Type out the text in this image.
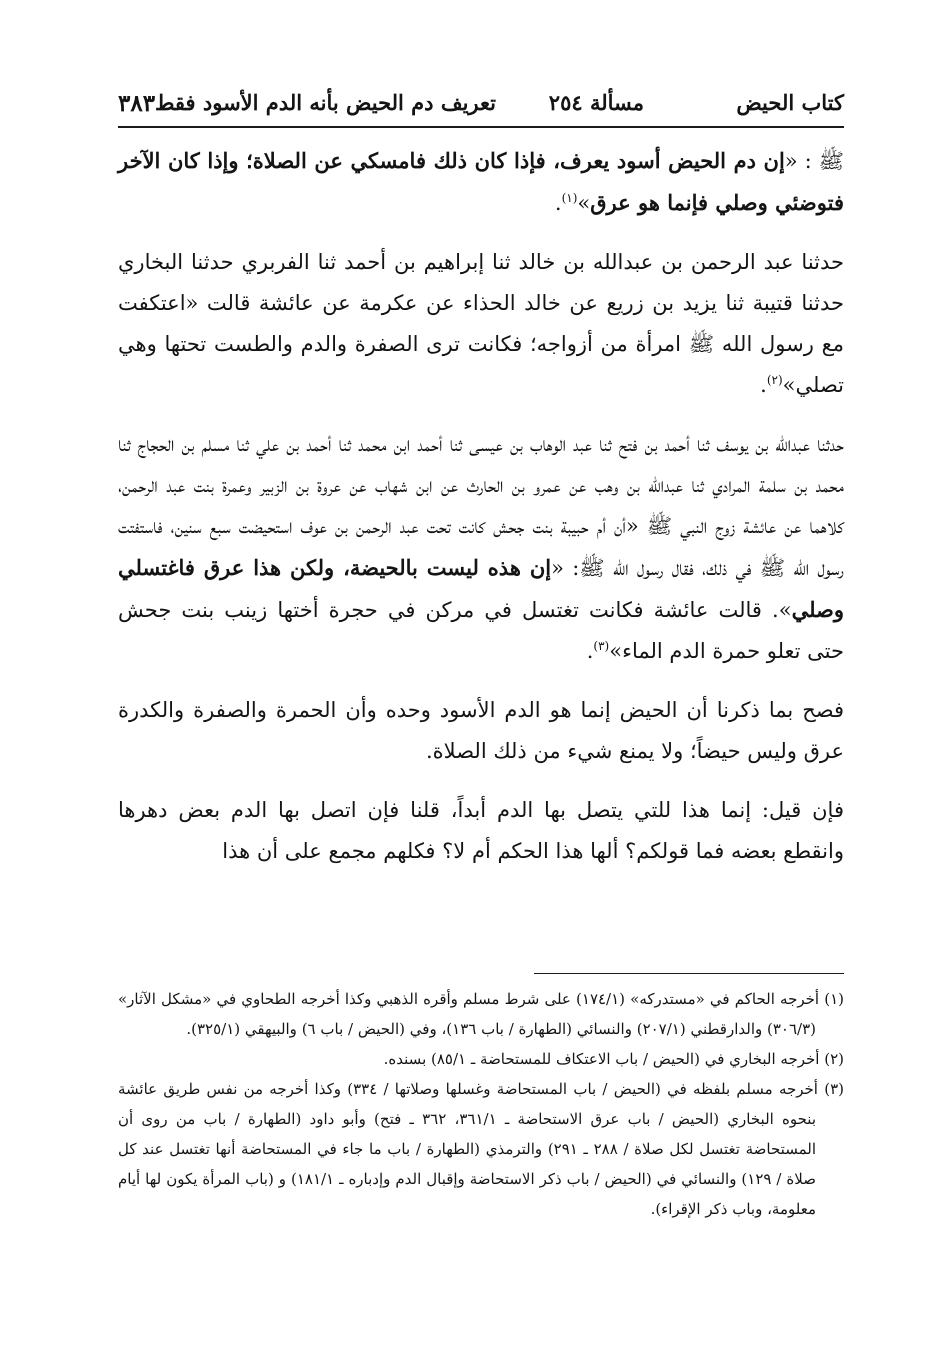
كتاب الحيض
مسألة ٢٥٤
تعريف دم الحيض بأنه الدم الأسود فقط
٣٨٣

ﷺ : «إن دم الحيض أسود يعرف، فإذا كان ذلك فامسكي عن الصلاة؛ وإذا كان الآخر فتوضئي وصلي فإنما هو عرق»$^{(١)}$.

حدثنا عبد الرحمن بن عبدالله بن خالد ثنا إبراهيم بن أحمد ثنا الفربري حدثنا البخاري حدثنا قتيبة ثنا يزيد بن زريع عن خالد الحذاء عن عكرمة عن عائشة قالت «اعتكفت مع رسول الله ﷺ امرأة من أزواجه؛ فكانت ترى الصفرة والدم والطست تحتها وهي تصلي»$^{(٢)}$.

حدثنا عبدالله بن يوسف ثنا أحمد بن فتح ثنا عبد الوهاب بن عيسى ثنا أحمد ابن محمد ثنا أحمد بن علي ثنا مسلم بن الحجاج ثنا محمد بن سلمة المرادي ثنا عبدالله بن وهب عن عمرو بن الحارث عن ابن شهاب عن عروة بن الزبير وعمرة بنت عبد الرحمن، كلاهما عن عائشة زوج النبي ﷺ «أن أم حبيبة بنت جحش كانت تحت عبد الرحمن بن عوف استحيضت سبع سنين، فاستفتت رسول الله ﷺ في ذلك، فقال رسول الله ﷺ: «إن هذه ليست بالحيضة، ولكن هذا عرق فاغتسلي وصلي». قالت عائشة فكانت تغتسل في مركن في حجرة أختها زينب بنت جحش حتى تعلو حمرة الدم الماء»$^{(٣)}$.

فصح بما ذكرنا أن الحيض إنما هو الدم الأسود وحده وأن الحمرة والصفرة والكدرة عرق وليس حيضاً؛ ولا يمنع شيء من ذلك الصلاة.

فإن قيل: إنما هذا للتي يتصل بها الدم أبداً، قلنا فإن اتصل بها الدم بعض دهرها وانقطع بعضه فما قولكم؟ ألها هذا الحكم أم لا؟ فكلهم مجمع على أن هذا

(١) أخرجه الحاكم في «مستدركه» (١٧٤/١) على شرط مسلم وأقره الذهبي وكذا أخرجه الطحاوي في «مشكل الآثار» (٣٠٦/٣) والدارقطني (٢٠٧/١) والنسائي (الطهارة / باب ١٣٦)، وفي (الحيض / باب ٦) والبيهقي (٣٢٥/١).

(٢) أخرجه البخاري في (الحيض / باب الاعتكاف للمستحاضة ـ ٨٥/١) بسنده.

(٣) أخرجه مسلم بلفظه في (الحيض / باب المستحاضة وغسلها وصلاتها / ٣٣٤) وكذا أخرجه من نفس طريق عائشة بنحوه البخاري (الحيض / باب عرق الاستحاضة ـ ٣٦١/١، ٣٦٢ ـ فتح) وأبو داود (الطهارة / باب من روى أن المستحاضة تغتسل لكل صلاة / ٢٨٨ ـ ٢٩١) والترمذي (الطهارة / باب ما جاء في المستحاضة أنها تغتسل عند كل صلاة / ١٢٩) والنسائي في (الحيض / باب ذكر الاستحاضة وإقبال الدم وإدباره ـ ١٨١/١) و (باب المرأة يكون لها أيام معلومة، وباب ذكر الإقراء).
